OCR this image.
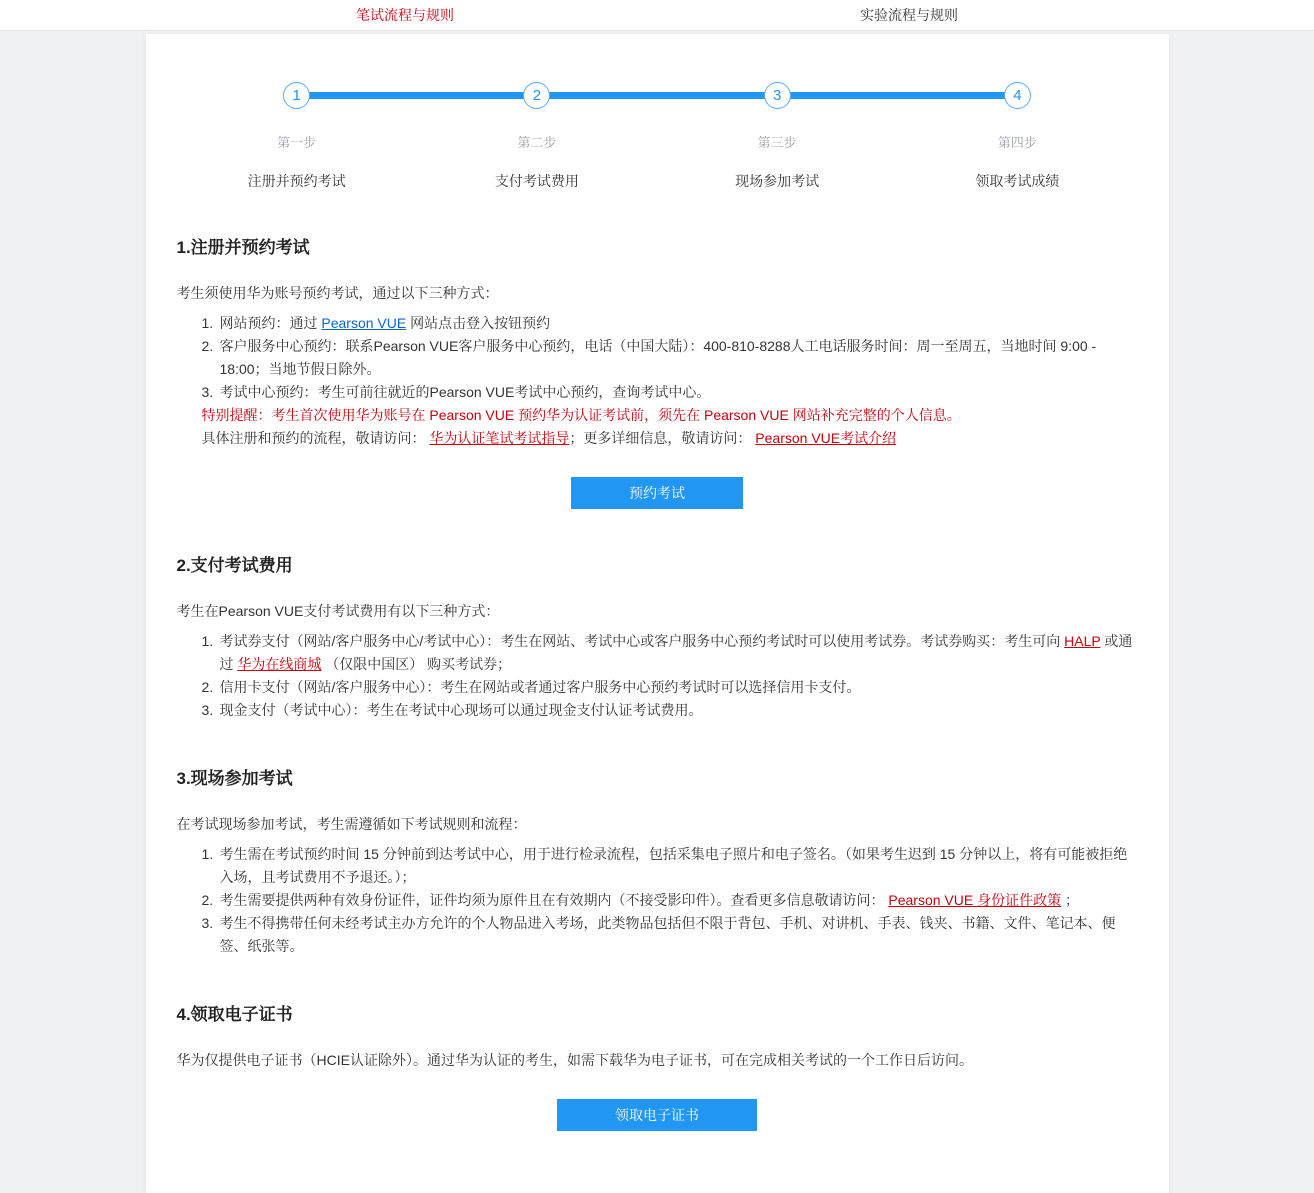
笔试流程与规则	实验流程与规则
1
第一步
注册并预约考试
2
第二步
支付考试费用
3
第三步
现场参加考试
4
第四步
领取考试成绩
1.注册并预约考试

考生须使用华为账号预约考试，通过以下三种方式：

网站预约：通过 Pearson VUE 网站点击登入按钮预约
客户服务中心预约：联系Pearson VUE客户服务中心预约，电话（中国大陆）：400-810-8288人工电话服务时间：周一至周五，当地时间 9:00 - 18:00；当地节假日除外。
考试中心预约：考生可前往就近的Pearson VUE考试中心预约，查询考试中心。

特别提醒：考生首次使用华为账号在 Pearson VUE 预约华为认证考试前，须先在 Pearson VUE 网站补充完整的个人信息。

具体注册和预约的流程，敬请访问： 华为认证笔试考试指导；更多详细信息，敬请访问： Pearson VUE考试介绍

预约考试
2.支付考试费用

考生在Pearson VUE支付考试费用有以下三种方式：

考试券支付（网站/客户服务中心/考试中心）：考生在网站、考试中心或客户服务中心预约考试时可以使用考试券。考试券购买：考生可向 HALP 或通过 华为在线商城 （仅限中国区） 购买考试券；
信用卡支付（网站/客户服务中心）：考生在网站或者通过客户服务中心预约考试时可以选择信用卡支付。
现金支付（考试中心）：考生在考试中心现场可以通过现金支付认证考试费用。
3.现场参加考试

在考试现场参加考试，考生需遵循如下考试规则和流程：

考生需在考试预约时间 15 分钟前到达考试中心，用于进行检录流程，包括采集电子照片和电子签名。（如果考生迟到 15 分钟以上，将有可能被拒绝入场，且考试费用不予退还。）；
考生需要提供两种有效身份证件，证件均须为原件且在有效期内（不接受影印件）。查看更多信息敬请访问： Pearson VUE 身份证件政策 ；
考生不得携带任何未经考试主办方允许的个人物品进入考场，此类物品包括但不限于背包、手机、对讲机、手表、钱夹、书籍、文件、笔记本、便签、纸张等。
4.领取电子证书

华为仅提供电子证书（HCIE认证除外）。通过华为认证的考生，如需下载华为电子证书，可在完成相关考试的一个工作日后访问。

领取电子证书
